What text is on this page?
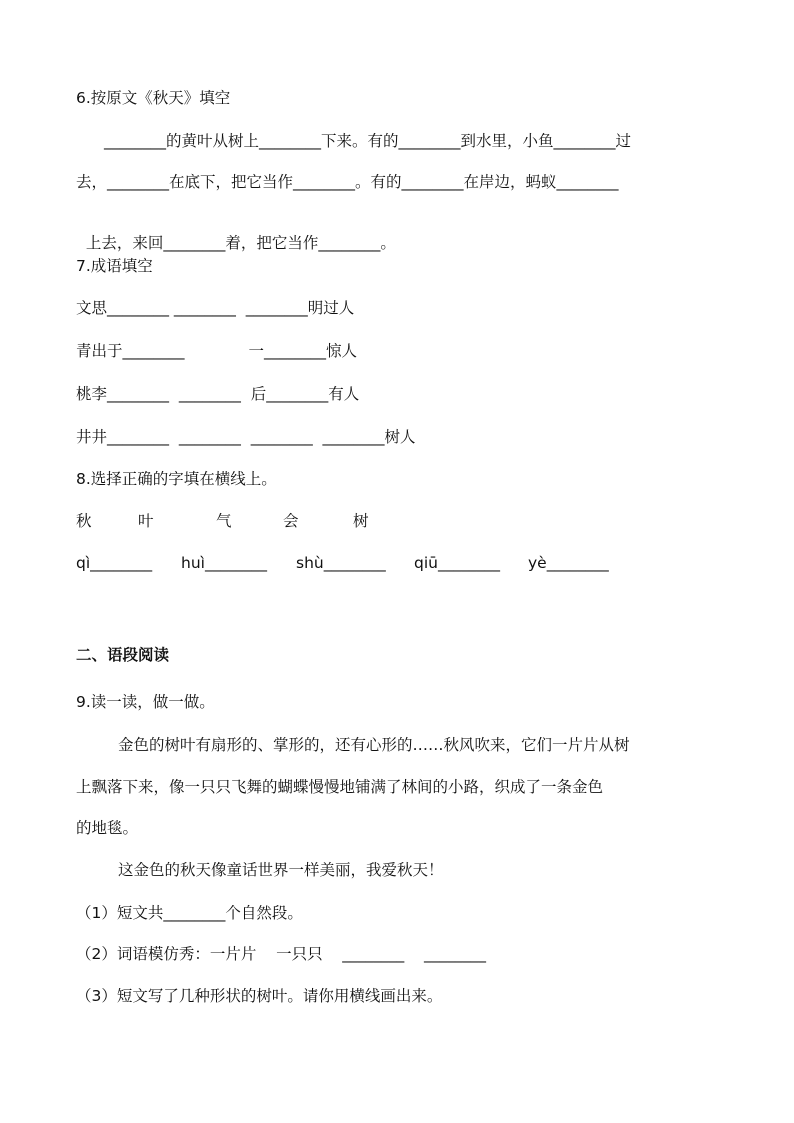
6.按原文《秋天》填空
________的黄叶从树上________下来。有的________到水里，小鱼________过
去，________在底下，把它当作________。有的________在岸边，蚂蚁________

上去，来回________着，把它当作________。

7.成语填空
文思________ ________  ________明过人
青出于________             一________惊人
桃李________  ________  后________有人
井井________  ________  ________  ________树人
8.选择正确的字填在横线上。

秋

	叶

	气

	会

	树

qì________

huì________

shù________

qiū________

yè________

二、语段阅读
9.读一读，做一做。
金色的树叶有扇形的、掌形的，还有心形的……秋风吹来，它们一片片从树
上飘落下来，像一只只飞舞的蝴蝶慢慢地铺满了林间的小路，织成了一条金色
的地毯。
这金色的秋天像童话世界一样美丽，我爱秋天！
（1）短文共________个自然段。
（2）词语模仿秀：一片片    一只只    ________    ________
（3）短文写了几种形状的树叶。请你用横线画出来。
